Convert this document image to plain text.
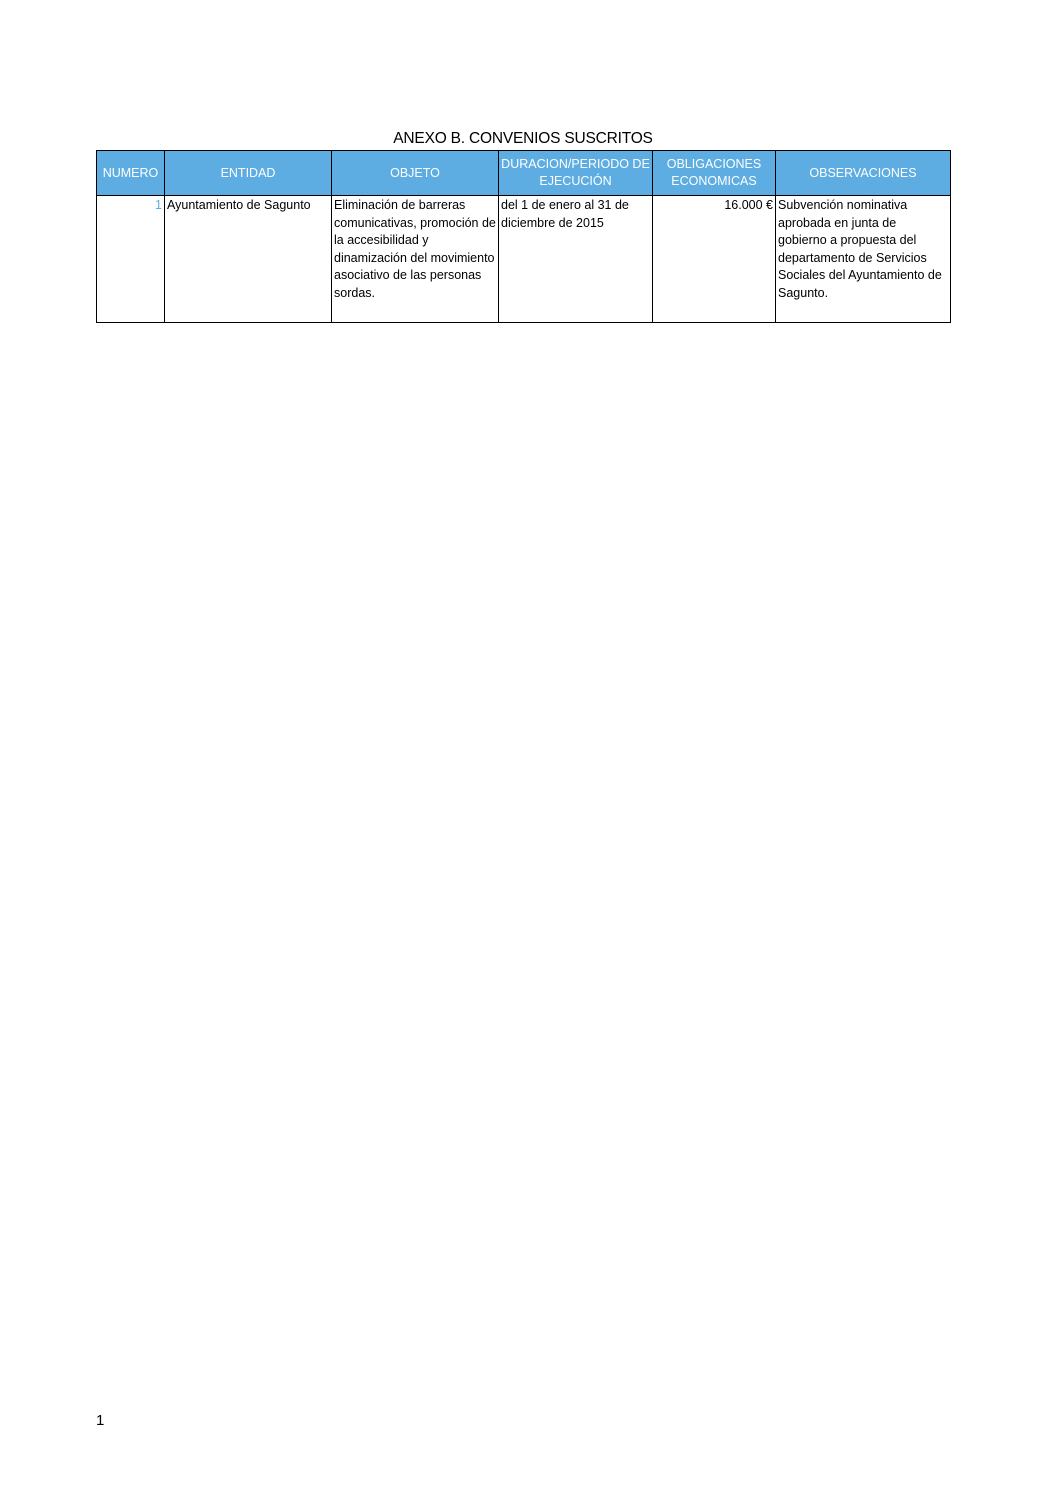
ANEXO B. CONVENIOS SUSCRITOS
NUMERO	ENTIDAD	OBJETO	DURACION/PERIODO DE EJECUCIÓN	OBLIGACIONES ECONOMICAS	OBSERVACIONES
1	Ayuntamiento de Sagunto	Eliminación de barreras comunicativas, promoción de la accesibilidad y dinamización del movimiento asociativo de las personas sordas.	del 1 de enero al 31 de diciembre de 2015	16.000 €	Subvención nominativa aprobada en junta de gobierno a propuesta del departamento de Servicios Sociales del Ayuntamiento de Sagunto.
1
